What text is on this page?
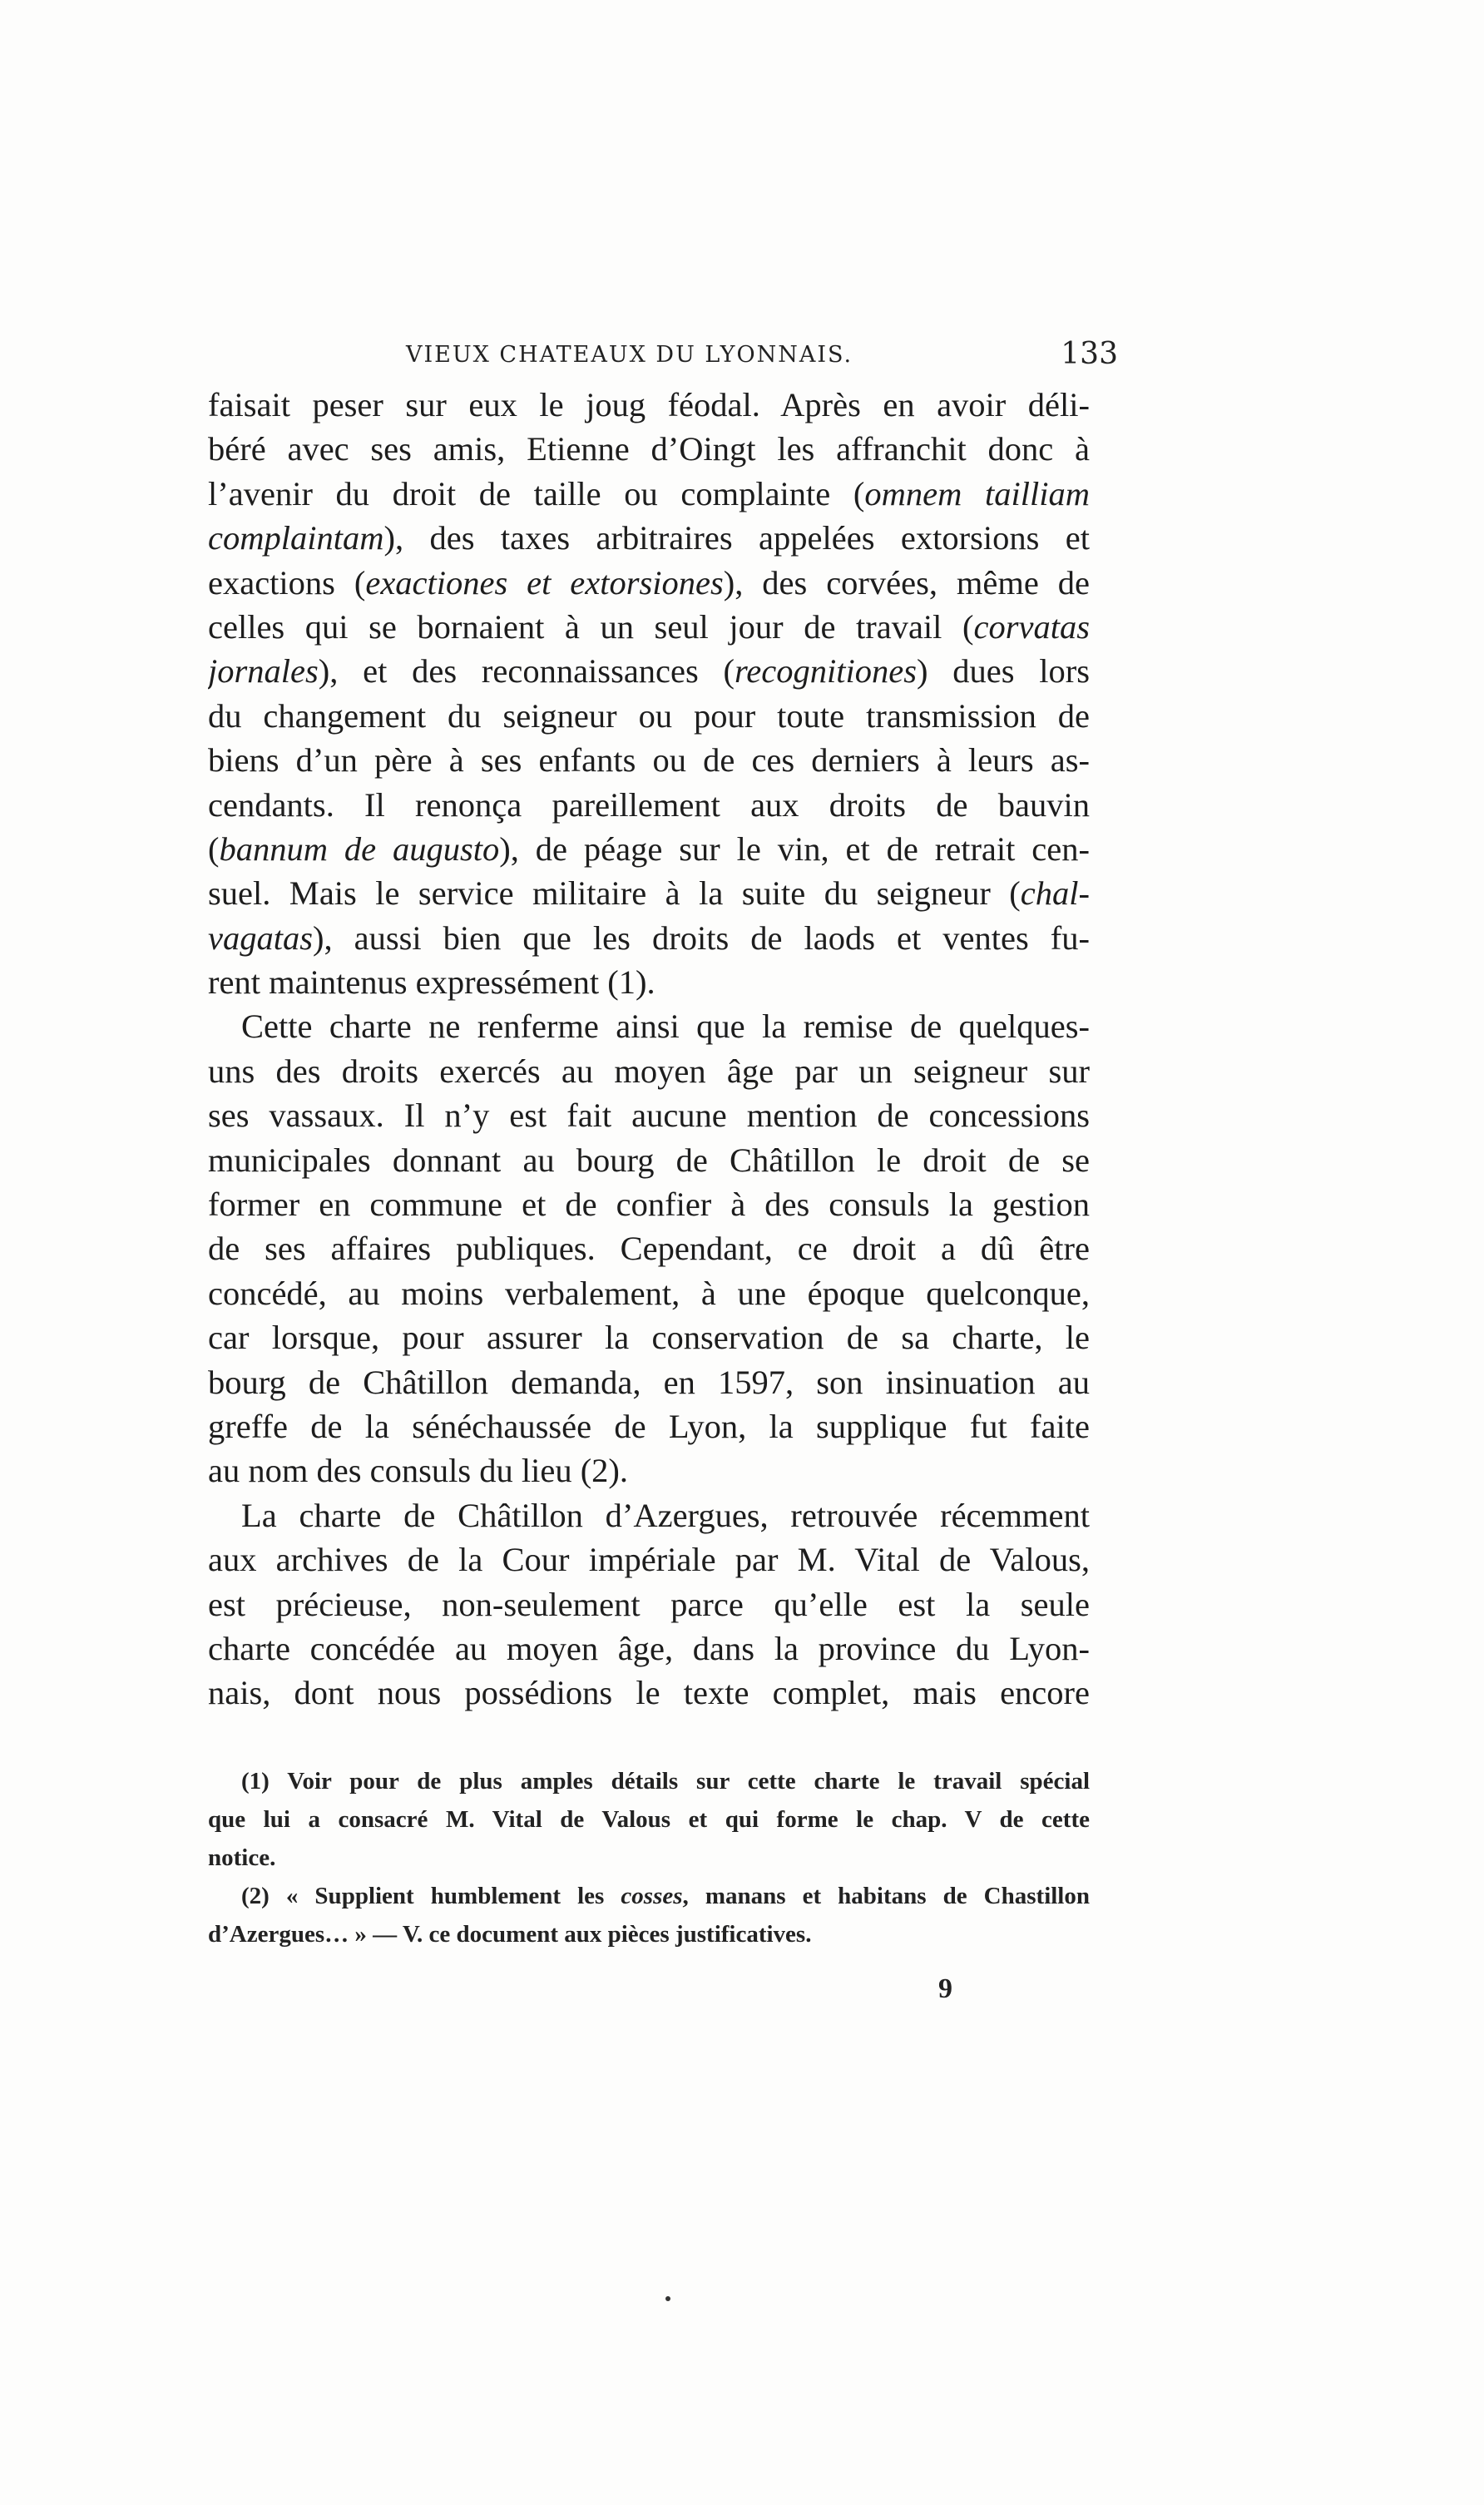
VIEUX CHATEAUX DU LYONNAIS.	133
faisait peser sur eux le joug féodal. Après en avoir déli-
béré avec ses amis, Etienne d’Oingt les affranchit donc à
l’avenir du droit de taille ou complainte (omnem tailliam
complaintam), des taxes arbitraires appelées extorsions et
exactions (exactiones et extorsiones), des corvées, même de
celles qui se bornaient à un seul jour de travail (corvatas
jornales), et des reconnaissances (recognitiones) dues lors
du changement du seigneur ou pour toute transmission de
biens d’un père à ses enfants ou de ces derniers à leurs as-
cendants. Il renonça pareillement aux droits de bauvin
(bannum de augusto), de péage sur le vin, et de retrait cen-
suel. Mais le service militaire à la suite du seigneur (chal-
vagatas), aussi bien que les droits de laods et ventes fu-
rent maintenus expressément (1).
Cette charte ne renferme ainsi que la remise de quelques-
uns des droits exercés au moyen âge par un seigneur sur
ses vassaux. Il n’y est fait aucune mention de concessions
municipales donnant au bourg de Châtillon le droit de se
former en commune et de confier à des consuls la gestion
de ses affaires publiques. Cependant, ce droit a dû être
concédé, au moins verbalement, à une époque quelconque,
car lorsque, pour assurer la conservation de sa charte, le
bourg de Châtillon demanda, en 1597, son insinuation au
greffe de la sénéchaussée de Lyon, la supplique fut faite
au nom des consuls du lieu (2).
La charte de Châtillon d’Azergues, retrouvée récemment
aux archives de la Cour impériale par M. Vital de Valous,
est précieuse, non-seulement parce qu’elle est la seule
charte concédée au moyen âge, dans la province du Lyon-
nais, dont nous possédions le texte complet, mais encore
(1) Voir pour de plus amples détails sur cette charte le travail spécial
que lui a consacré M. Vital de Valous et qui forme le chap. V de cette
notice.
(2) « Supplient humblement les cosses, manans et habitans de Chastillon
d’Azergues… » — V. ce document aux pièces justificatives.
9
